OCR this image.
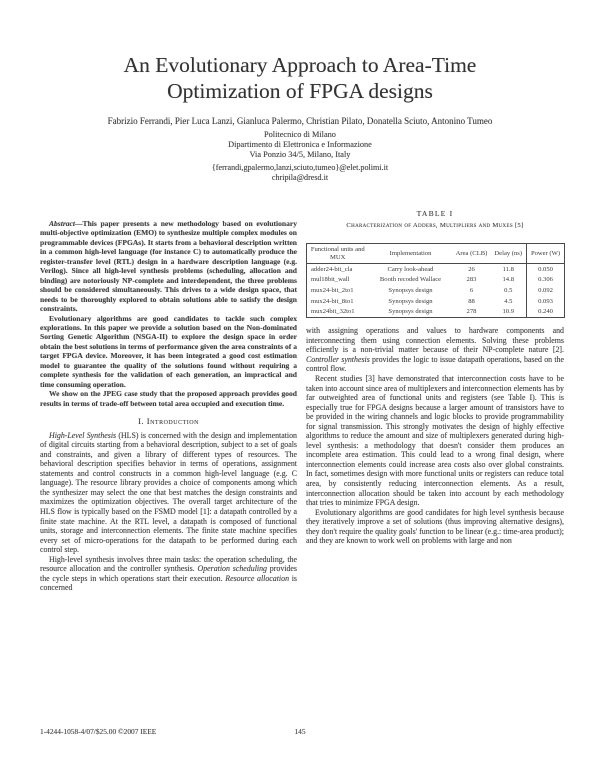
An Evolutionary Approach to Area-Time
Optimization of FPGA designs
Fabrizio Ferrandi, Pier Luca Lanzi, Gianluca Palermo, Christian Pilato, Donatella Sciuto, Antonino Tumeo
Politecnico di Milano
Dipartimento di Elettronica e Informazione
Via Ponzio 34/5, Milano, Italy
{ferrandi,gpalermo,lanzi,sciuto,tumeo}@elet.polimi.it
chripila@dresd.it

Abstract—This paper presents a new methodology based on evolutionary multi-objective optimization (EMO) to synthesize multiple complex modules on programmable devices (FPGAs). It starts from a behavioral description written in a common high-level language (for instance C) to automatically produce the register-transfer level (RTL) design in a hardware description language (e.g. Verilog). Since all high-level synthesis problems (scheduling, allocation and binding) are notoriously NP-complete and interdependent, the three problems should be considered simultaneously. This drives to a wide design space, that needs to be thoroughly explored to obtain solutions able to satisfy the design constraints.

Evolutionary algorithms are good candidates to tackle such complex explorations. In this paper we provide a solution based on the Non-dominated Sorting Genetic Algorithm (NSGA-II) to explore the design space in order obtain the best solutions in terms of performance given the area constraints of a target FPGA device. Moreover, it has been integrated a good cost estimation model to guarantee the quality of the solutions found without requiring a complete synthesis for the validation of each generation, an impractical and time consuming operation.

We show on the JPEG case study that the proposed approach provides good results in terms of trade-off between total area occupied and execution time.

I. Introduction

High-Level Synthesis (HLS) is concerned with the design and implementation of digital circuits starting from a behavioral description, subject to a set of goals and constraints, and given a library of different types of resources. The behavioral description specifies behavior in terms of operations, assignment statements and control constructs in a common high-level language (e.g. C language). The resource library provides a choice of components among which the synthesizer may select the one that best matches the design constraints and maximizes the optimization objectives. The overall target architecture of the HLS flow is typically based on the FSMD model [1]: a datapath controlled by a finite state machine. At the RTL level, a datapath is composed of functional units, storage and interconnection elements. The finite state machine specifies every set of micro-operations for the datapath to be performed during each control step.

High-level synthesis involves three main tasks: the operation scheduling, the resource allocation and the controller synthesis. Operation scheduling provides the cycle steps in which operations start their execution. Resource allocation is concerned

TABLE I
Characterization of Adders, Multipliers and Muxes [5]
Functional units and MUX	Implementation	Area (CLB)	Delay (ns)	Power (W)
adder24-bit_cla	Carry look-ahead	26	11.8	0.050
mul18bit_wall	Booth recoded Wallace	283	14.8	0.306
mux24-bit_2to1	Synopsys design	6	0.5	0.092
mux24-bit_8to1	Synopsys design	88	4.5	0.093
mux24bit_32to1	Synopsys design	278	10.9	0.240

with assigning operations and values to hardware components and interconnecting them using connection elements. Solving these problems efficiently is a non-trivial matter because of their NP-complete nature [2]. Controller synthesis provides the logic to issue datapath operations, based on the control flow.

Recent studies [3] have demonstrated that interconnection costs have to be taken into account since area of multiplexers and interconnection elements has by far outweighted area of functional units and registers (see Table I). This is especially true for FPGA designs because a larger amount of transistors have to be provided in the wiring channels and logic blocks to provide programmability for signal transmission. This strongly motivates the design of highly effective algorithms to reduce the amount and size of multiplexers generated during high-level synthesis: a methodology that doesn't consider them produces an incomplete area estimation. This could lead to a wrong final design, where interconnection elements could increase area costs also over global constraints. In fact, sometimes design with more functional units or registers can reduce total area, by consistently reducing interconnection elements. As a result, interconnection allocation should be taken into account by each methodology that tries to minimize FPGA design.

Evolutionary algorithms are good candidates for high level synthesis because they iteratively improve a set of solutions (thus improving alternative designs), they don't require the quality goals' function to be linear (e.g.: time-area product); and they are known to work well on problems with large and non

1-4244-1058-4/07/$25.00 ©2007 IEEE	145
